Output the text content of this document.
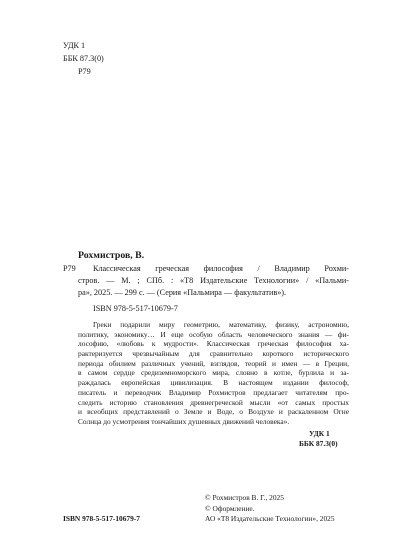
УДК 1
ББК 87.3(0)
Р79
Рохмистров, В.
Р79 Классическая греческая философия / Владимир Рохми-
стров. — М. ; СПб. : «Т8 Издательские Технологии» / «Пальми-
ра», 2025. — 299 с. — (Серия «Пальмира — факультатив»).
ISBN 978-5-517-10679-7
Греки подарили миру геометрию, математику, физику, астрономию,
политику, экономику… И еще особую область человеческого знания — фи-
лософию, «любовь к мудрости». Классическая греческая философия ха-
рактеризуется чрезвычайным для сравнительно короткого исторического
периода обилием различных учений, взглядов, теорий и имен — в Греции,
в самом сердце средиземноморского мира, словно в котле, бурлила и за-
раждалась европейская цивилизация. В настоящем издании философ,
писатель и переводчик Владимир Рохмистров предлагает читателям про-
следить историю становления древнегреческой мысли «от самых простых
и всеобщих представлений о Земле и Воде, о Воздухе и раскаленном Огне
Солнца до усмотрения тончайших душевных движений человека».
УДК 1
ББК 87.3(0)
© Рохмистров В. Г., 2025
© Оформление.
ISBN 978-5-517-10679-7	АО «Т8 Издательские Технологии», 2025
